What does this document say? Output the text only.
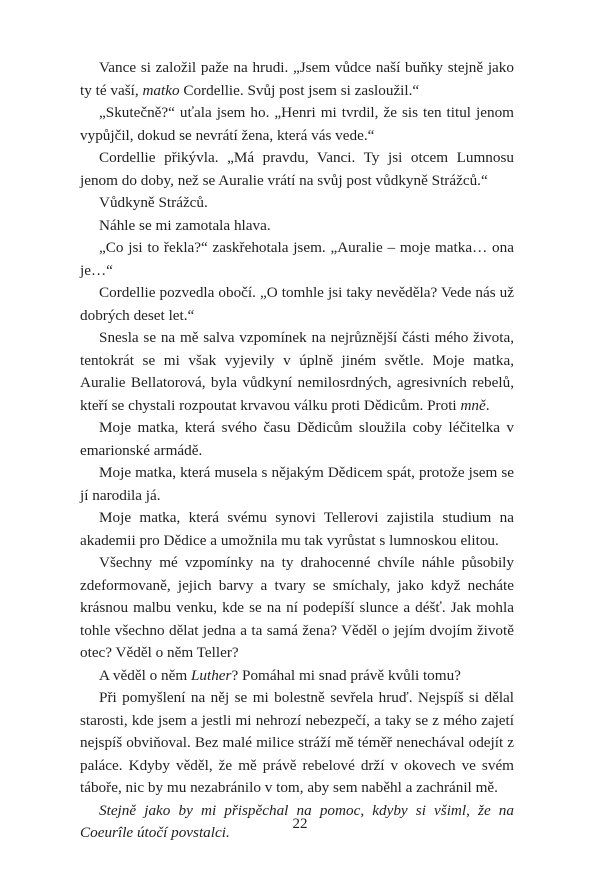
Vance si založil paže na hrudi. „Jsem vůdce naší buňky stejně jako ty té vaší, matko Cordellie. Svůj post jsem si zasloužil.“

„Skutečně?“ uťala jsem ho. „Henri mi tvrdil, že sis ten titul jenom vypůjčil, dokud se nevrátí žena, která vás vede.“

Cordellie přikývla. „Má pravdu, Vanci. Ty jsi otcem Lumnosu jenom do doby, než se Auralie vrátí na svůj post vůdkyně Strážců.“

Vůdkyně Strážců.

Náhle se mi zamotala hlava.

„Co jsi to řekla?“ zaskřehotala jsem. „Auralie – moje matka… ona je…“

Cordellie pozvedla obočí. „O tomhle jsi taky nevěděla? Vede nás už dobrých deset let.“

Snesla se na mě salva vzpomínek na nejrůznější části mého života, tentokrát se mi však vyjevily v úplně jiném světle. Moje matka, Auralie Bellatorová, byla vůdkyní nemilosrdných, agresivních rebelů, kteří se chystali rozpoutat krvavou válku proti Dědicům. Proti mně.

Moje matka, která svého času Dědicům sloužila coby léčitelka v emarionské armádě.

Moje matka, která musela s nějakým Dědicem spát, protože jsem se jí narodila já.

Moje matka, která svému synovi Tellerovi zajistila studium na akademii pro Dědice a umožnila mu tak vyrůstat s lumnoskou elitou.

Všechny mé vzpomínky na ty drahocenné chvíle náhle působily zdeformovaně, jejich barvy a tvary se smíchaly, jako když necháte krásnou malbu venku, kde se na ní podepíší slunce a déšť. Jak mohla tohle všechno dělat jedna a ta samá žena? Věděl o jejím dvojím životě otec? Věděl o něm Teller?

A věděl o něm Luther? Pomáhal mi snad právě kvůli tomu?

Při pomyšlení na něj se mi bolestně sevřela hruď. Nejspíš si dělal starosti, kde jsem a jestli mi nehrozí nebezpečí, a taky se z mého zajetí nejspíš obviňoval. Bez malé milice stráží mě téměř nenechával odejít z paláce. Kdyby věděl, že mě právě rebelové drží v okovech ve svém táboře, nic by mu nezabránilo v tom, aby sem naběhl a zachránil mě.

Stejně jako by mi přispěchal na pomoc, kdyby si všiml, že na Coeurîle útočí povstalci.	22
